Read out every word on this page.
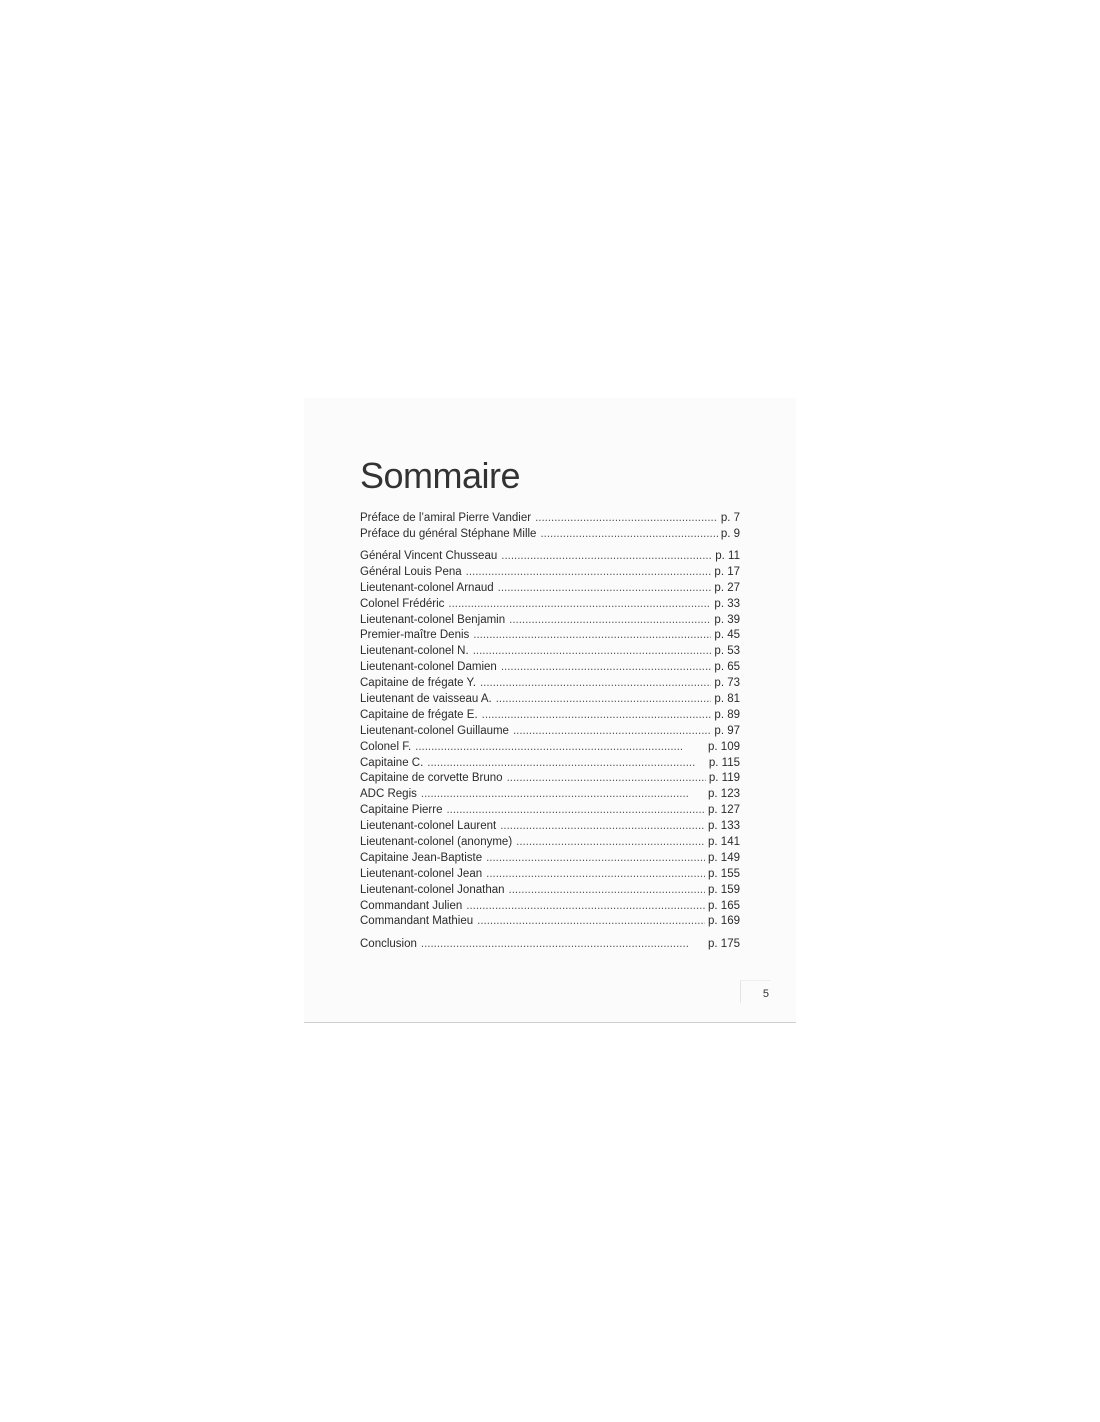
Sommaire
Préface de l’amiral Pierre Vandier . . .	p. 7
Préface du général Stéphane Mille . . .	p. 9
Général Vincent Chusseau . . .	p. 11
Général Louis Pena . . .	p. 17
Lieutenant-colonel Arnaud . . .	p. 27
Colonel Frédéric . . .	p. 33
Lieutenant-colonel Benjamin . . .	p. 39
Premier-maître Denis . . .	p. 45
Lieutenant-colonel N. . . .	p. 53
Lieutenant-colonel Damien . . .	p. 65
Capitaine de frégate Y. . . .	p. 73
Lieutenant de vaisseau A. . . .	p. 81
Capitaine de frégate E. . . .	p. 89
Lieutenant-colonel Guillaume . . .	p. 97
Colonel F. . . .	p. 109
Capitaine C. . . .	p. 115
Capitaine de corvette Bruno . . .	p. 119
ADC Regis . . .	p. 123
Capitaine Pierre . . .	p. 127
Lieutenant-colonel Laurent . . .	p. 133
Lieutenant-colonel (anonyme) . . .	p. 141
Capitaine Jean-Baptiste . . .	p. 149
Lieutenant-colonel Jean . . .	p. 155
Lieutenant-colonel Jonathan . . .	p. 159
Commandant Julien . . .	p. 165
Commandant Mathieu . . .	p. 169
Conclusion . . .	p. 175
5
